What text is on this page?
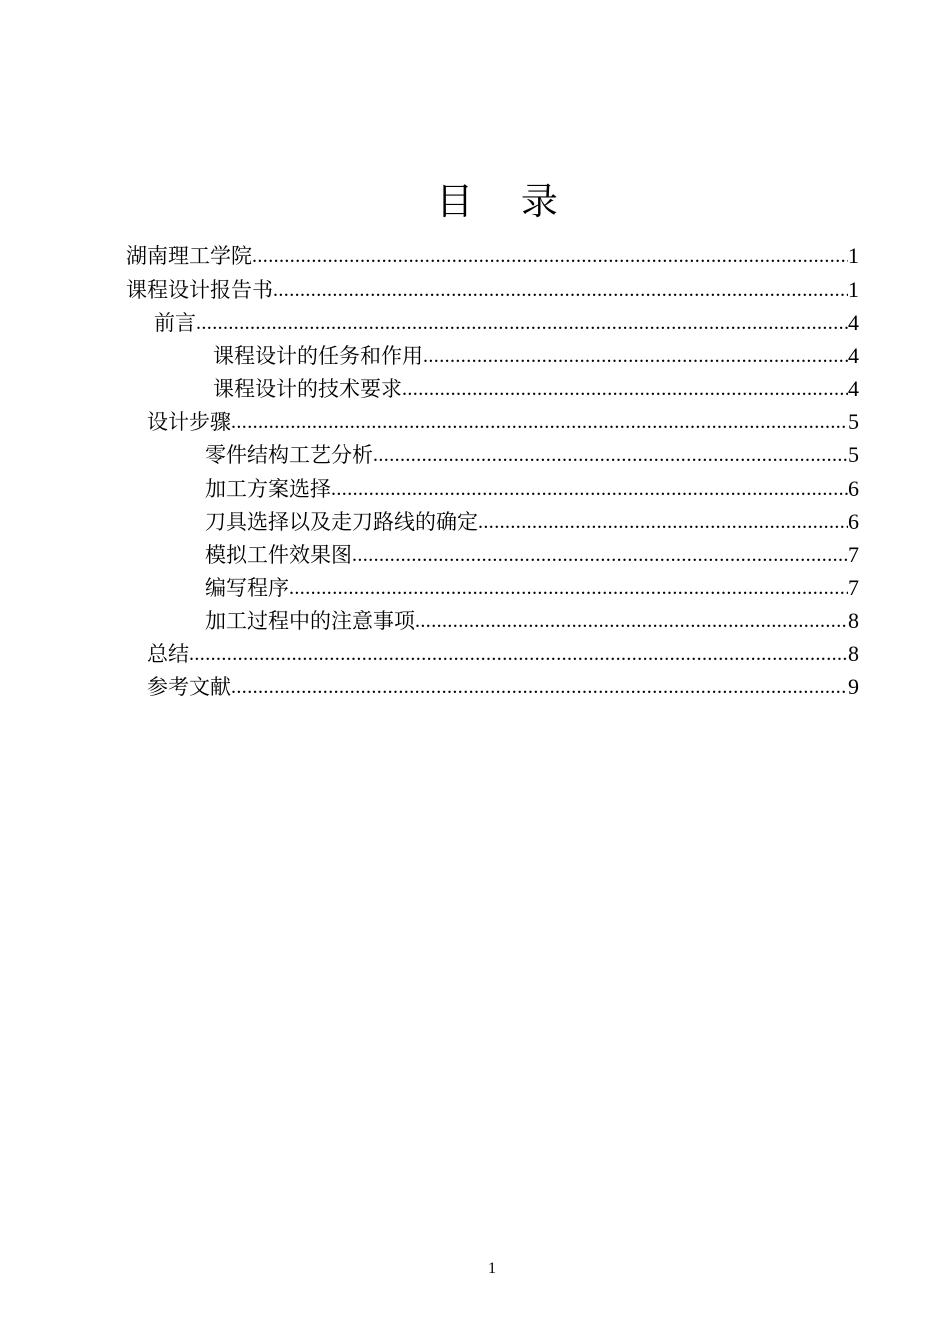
目 录
湖南理工学院 .....	1
课程设计报告书 .....	1
前言 .....	4
课程设计的任务和作用 .....	4
课程设计的技术要求 .....	4
设计步骤 .....	5
零件结构工艺分析 .....	5
加工方案选择 .....	6
刀具选择以及走刀路线的确定 .....	6
模拟工件效果图 .....	7
编写程序 .....	7
加工过程中的注意事项 .....	8
总结 .....	8
参考文献 .....	9
1
